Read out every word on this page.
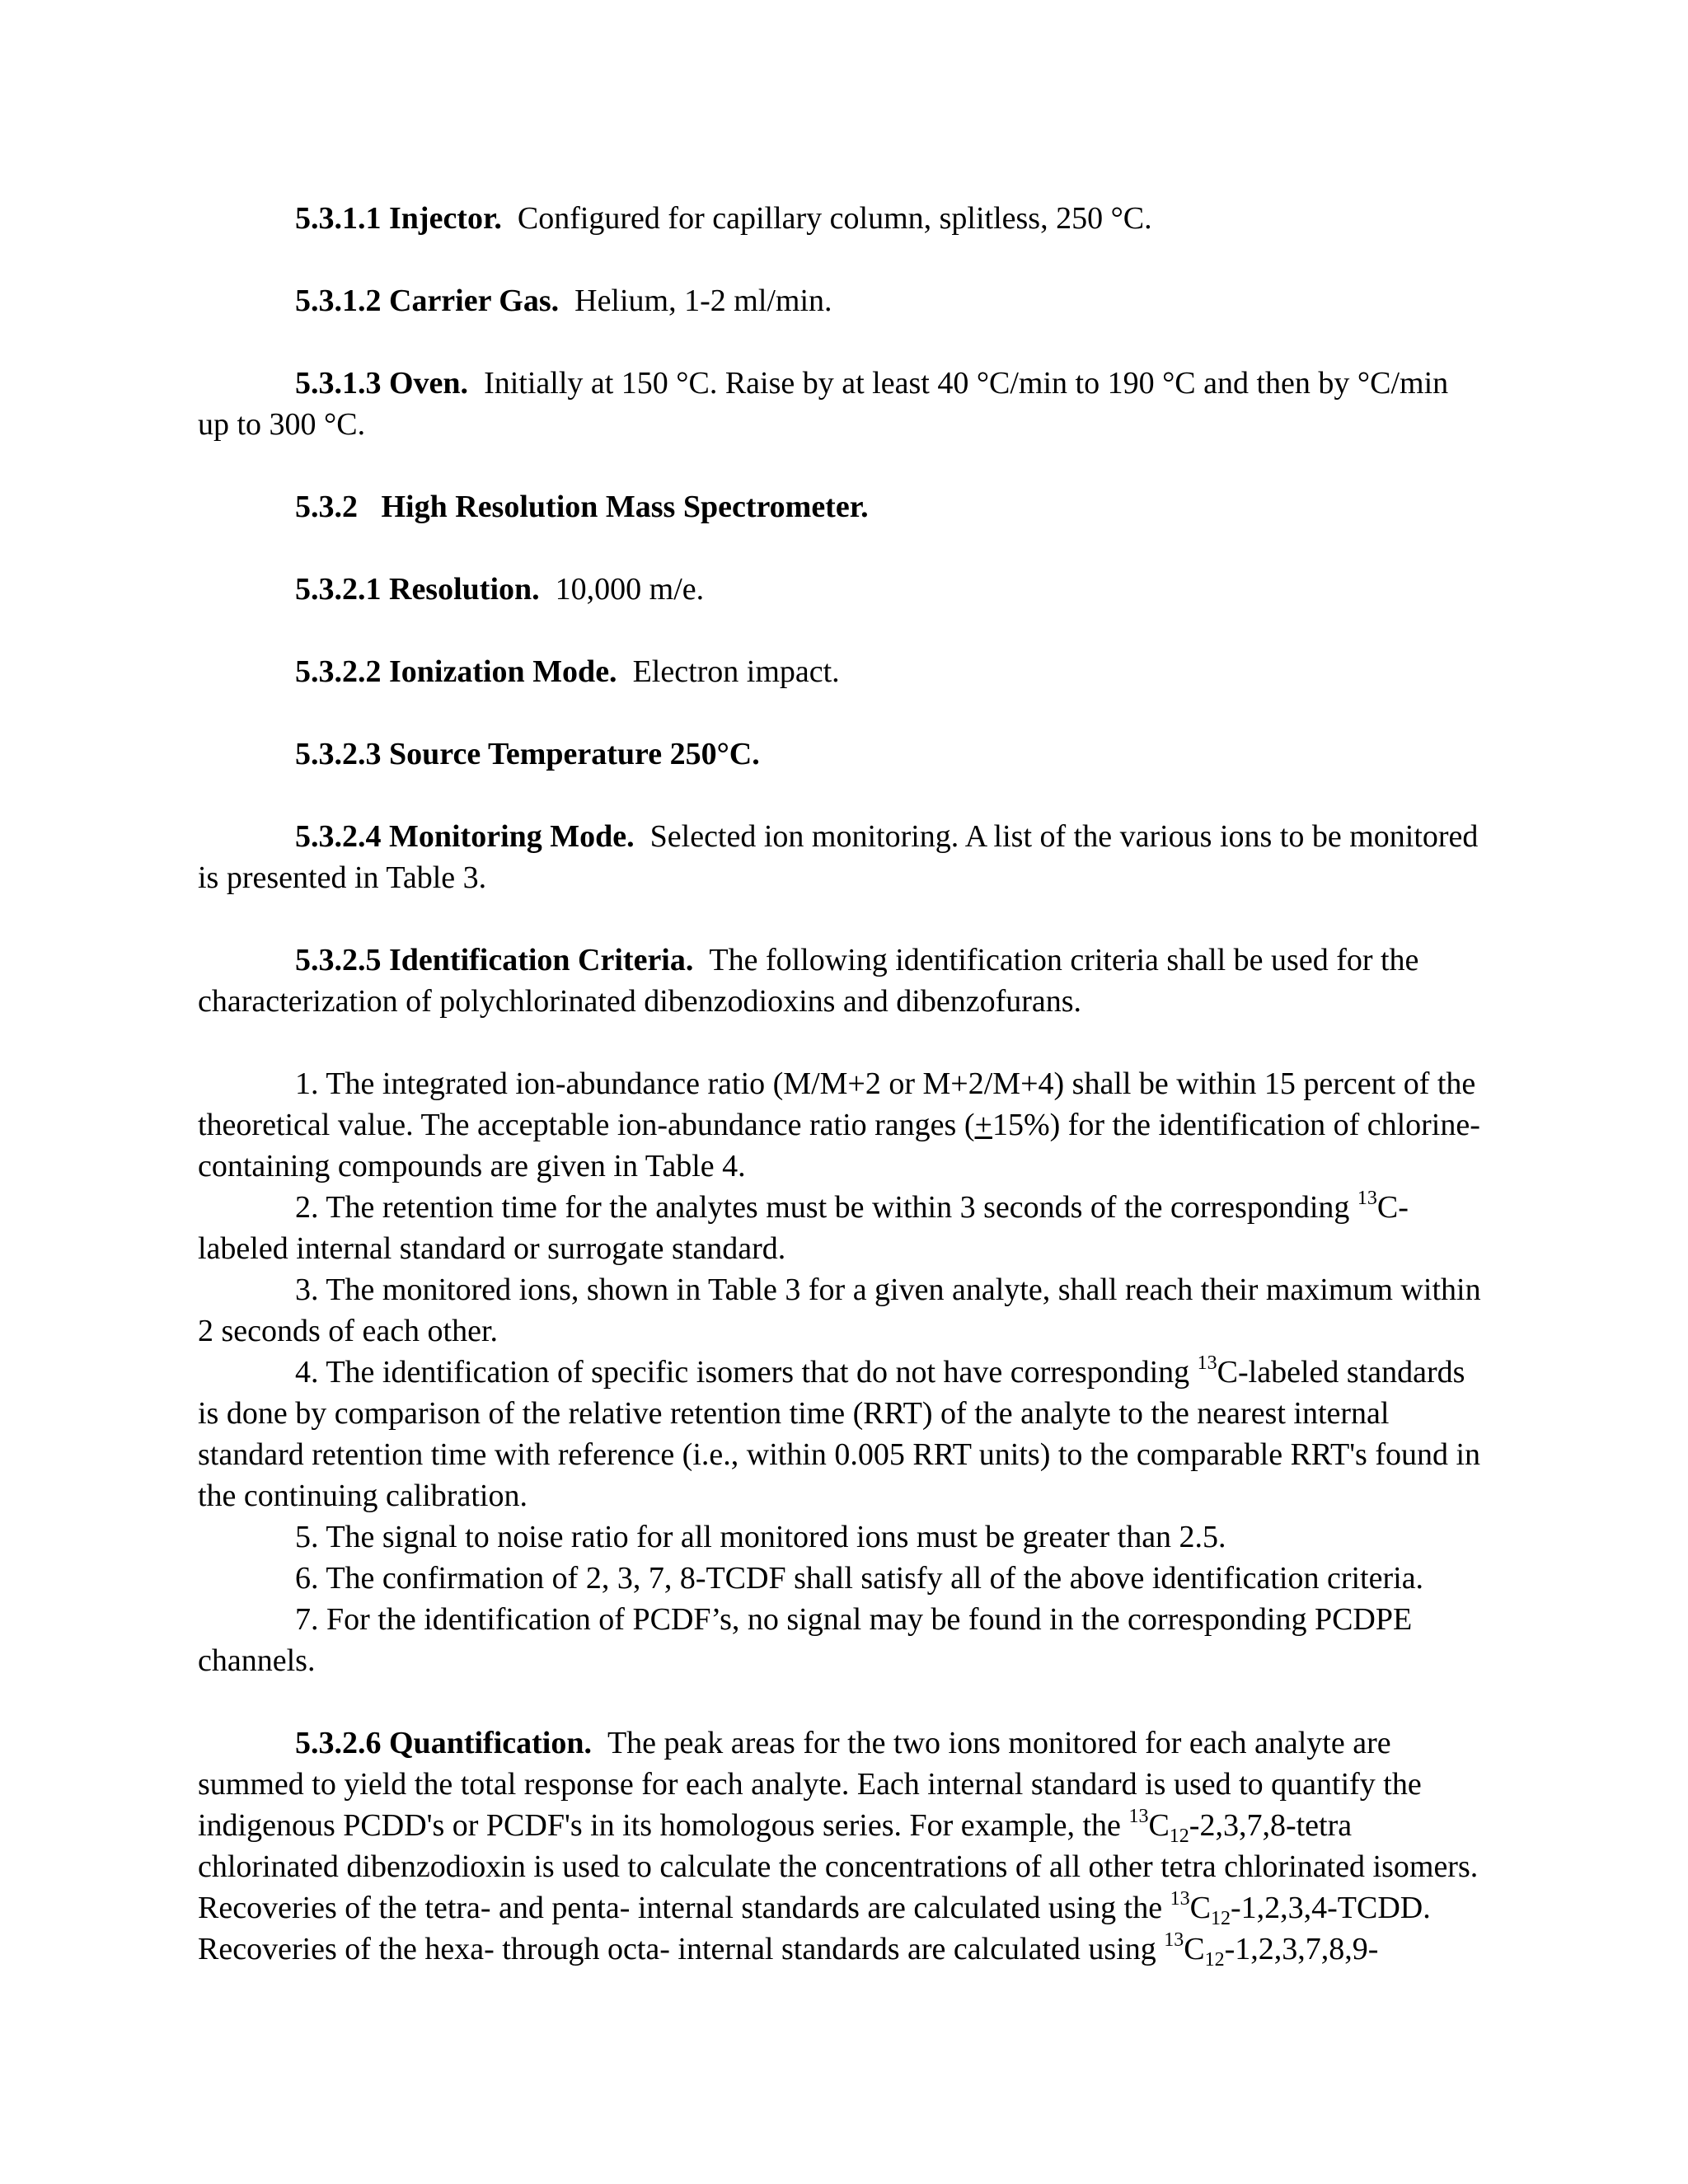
5.3.1.1 Injector. Configured for capillary column, splitless, 250 °C.

5.3.1.2 Carrier Gas. Helium, 1-2 ml/min.

5.3.1.3 Oven. Initially at 150 °C. Raise by at least 40 °C/min to 190 °C and then by °C/min up to 300 °C.

5.3.2   High Resolution Mass Spectrometer.

5.3.2.1 Resolution. 10,000 m/e.

5.3.2.2 Ionization Mode. Electron impact.

5.3.2.3 Source Temperature 250°C.

5.3.2.4 Monitoring Mode. Selected ion monitoring. A list of the various ions to be monitored is presented in Table 3.

5.3.2.5 Identification Criteria. The following identification criteria shall be used for the characterization of polychlorinated dibenzodioxins and dibenzofurans.

1. The integrated ion-abundance ratio (M/M+2 or M+2/M+4) shall be within 15 percent of the theoretical value. The acceptable ion-abundance ratio ranges (+15%) for the identification of chlorine-containing compounds are given in Table 4.

2. The retention time for the analytes must be within 3 seconds of the corresponding $^{13}$C-labeled internal standard or surrogate standard.

3. The monitored ions, shown in Table 3 for a given analyte, shall reach their maximum within 2 seconds of each other.

4. The identification of specific isomers that do not have corresponding $^{13}$C-labeled standards is done by comparison of the relative retention time (RRT) of the analyte to the nearest internal standard retention time with reference (i.e., within 0.005 RRT units) to the comparable RRT's found in the continuing calibration.

5. The signal to noise ratio for all monitored ions must be greater than 2.5.

6. The confirmation of 2, 3, 7, 8-TCDF shall satisfy all of the above identification criteria.

7. For the identification of PCDF’s, no signal may be found in the corresponding PCDPE channels.

5.3.2.6 Quantification. The peak areas for the two ions monitored for each analyte are summed to yield the total response for each analyte. Each internal standard is used to quantify the indigenous PCDD's or PCDF's in its homologous series. For example, the $^{13}C_{12}-2,3,7,8$-tetra chlorinated dibenzodioxin is used to calculate the concentrations of all other tetra chlorinated isomers. Recoveries of the tetra- and penta- internal standards are calculated using the $^{13}C_{12}-1,2,3,4$-TCDD. Recoveries of the hexa- through octa- internal standards are calculated using $^{13}C_{12}-1,2,3,7,8,9-$
